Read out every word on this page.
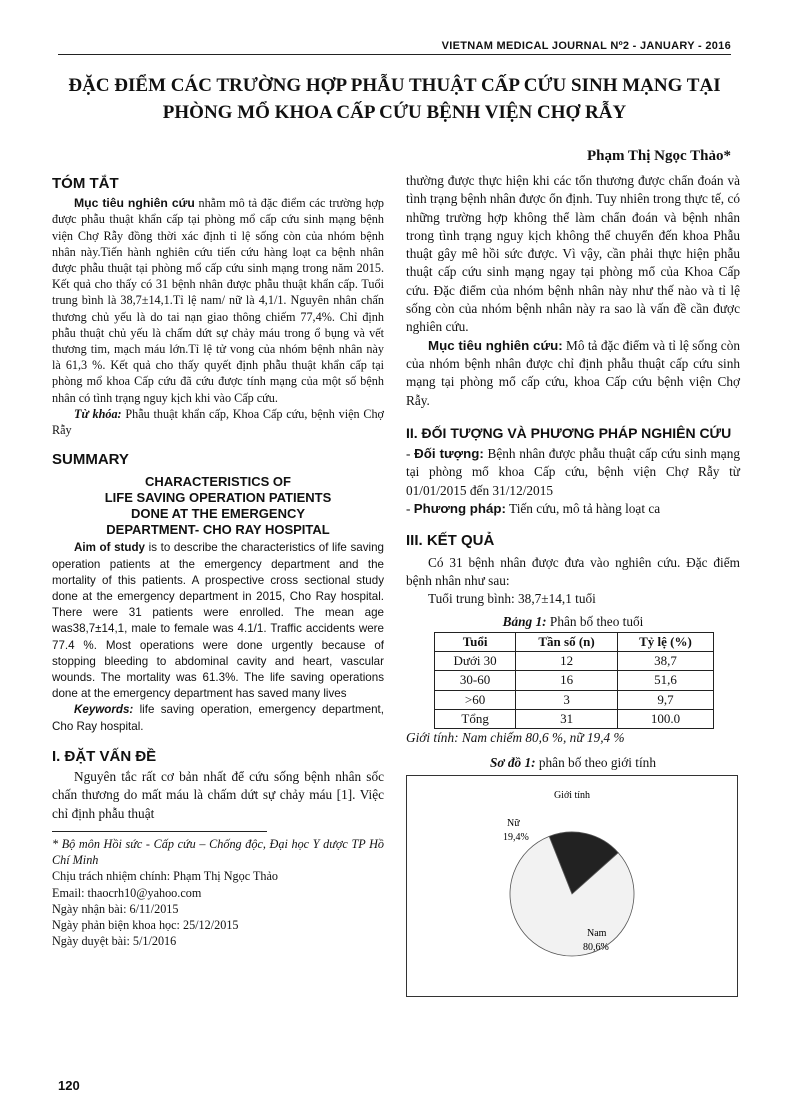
VIETNAM MEDICAL JOURNAL Nº2 - JANUARY - 2016
ĐẶC ĐIỂM CÁC TRƯỜNG HỢP PHẪU THUẬT CẤP CỨU SINH MẠNG TẠI
PHÒNG MỔ KHOA CẤP CỨU BỆNH VIỆN CHỢ RẪY
Phạm Thị Ngọc Thảo*
TÓM TẮT

Mục tiêu nghiên cứu nhằm mô tả đặc điểm các trường hợp được phẫu thuật khẩn cấp tại phòng mổ cấp cứu sinh mạng bệnh viện Chợ Rẫy đồng thời xác định tỉ lệ sống còn của nhóm bệnh nhân này.Tiến hành nghiên cứu tiến cứu hàng loạt ca bệnh nhân được phẫu thuật tại phòng mổ cấp cứu sinh mạng trong năm 2015. Kết quả cho thấy có 31 bệnh nhân được phẫu thuật khẩn cấp. Tuổi trung bình là 38,7±14,1.Tỉ lệ nam/ nữ là 4,1/1. Nguyên nhân chấn thương chủ yếu là do tai nạn giao thông chiếm 77,4%. Chỉ định phẫu thuật chủ yếu là chấm dứt sự chảy máu trong ổ bụng và vết thương tim, mạch máu lớn.Tỉ lệ tử vong của nhóm bệnh nhân này là 61,3 %. Kết quả cho thấy quyết định phẫu thuật khẩn cấp tại phòng mổ khoa Cấp cứu đã cứu được tính mạng của một số bệnh nhân có tình trạng nguy kịch khi vào Cấp cứu.

Từ khóa: Phẫu thuật khẩn cấp, Khoa Cấp cứu, bệnh viện Chợ Rẫy

SUMMARY
CHARACTERISTICS OF
LIFE SAVING OPERATION PATIENTS
DONE AT THE EMERGENCY
DEPARTMENT- CHO RAY HOSPITAL

Aim of study is to describe the characteristics of life saving operation patients at the emergency department and the mortality of this patients. A prospective cross sectional study done at the emergency department in 2015, Cho Ray hospital. There were 31 patients were enrolled. The mean age was38,7±14,1, male to female was 4.1/1. Traffic accidents were 77.4 %. Most operations were done urgently because of stopping bleeding to abdominal cavity and heart, vascular wounds. The mortality was 61.3%. The life saving operations done at the emergency department has saved many lives

Keywords: life saving operation, emergency department, Cho Ray hospital.

I. ĐẶT VẤN ĐỀ

Nguyên tắc rất cơ bản nhất để cứu sống bệnh nhân sốc chấn thương do mất máu là chấm dứt sự chảy máu [1]. Việc chỉ định phẫu thuật

* Bộ môn Hồi sức - Cấp cứu – Chống độc, Đại học Y dược TP Hồ Chí Minh
Chịu trách nhiệm chính: Phạm Thị Ngọc Thảo
Email: thaocrh10@yahoo.com
Ngày nhận bài: 6/11/2015
Ngày phản biện khoa học: 25/12/2015
Ngày duyệt bài: 5/1/2016

thường được thực hiện khi các tổn thương được chẩn đoán và tình trạng bệnh nhân được ổn định. Tuy nhiên trong thực tế, có những trường hợp không thể làm chẩn đoán và bệnh nhân trong tình trạng nguy kịch không thể chuyển đến khoa Phẫu thuật gây mê hồi sức được. Vì vậy, cần phải thực hiện phẫu thuật cấp cứu sinh mạng ngay tại phòng mổ của Khoa Cấp cứu. Đặc điểm của nhóm bệnh nhân này như thế nào và tỉ lệ sống còn của nhóm bệnh nhân này ra sao là vấn đề cần được nghiên cứu.

Mục tiêu nghiên cứu: Mô tả đặc điểm và tỉ lệ sống còn của nhóm bệnh nhân được chỉ định phẫu thuật cấp cứu sinh mạng tại phòng mổ cấp cứu, khoa Cấp cứu bệnh viện Chợ Rẫy.

II. ĐỐI TƯỢNG VÀ PHƯƠNG PHÁP NGHIÊN CỨU

- Đối tượng: Bệnh nhân được phẫu thuật cấp cứu sinh mạng tại phòng mổ khoa Cấp cứu, bệnh viện Chợ Rẫy từ 01/01/2015 đến 31/12/2015

- Phương pháp: Tiến cứu, mô tả hàng loạt ca

III. KẾT QUẢ

Có 31 bệnh nhân được đưa vào nghiên cứu. Đặc điểm bệnh nhân như sau:

Tuổi trung bình: 38,7±14,1 tuổi

Bảng 1: Phân bố theo tuổi
Tuổi	Tần số (n)	Tỷ lệ (%)
Dưới 30	12	38,7
30-60	16	51,6
>60	3	9,7
Tổng	31	100.0
Giới tính: Nam chiếm 80,6 %, nữ 19,4 %
Sơ đồ 1: phân bố theo giới tính
Giới tính
Nữ
19,4%
Nam
80,6%
120
